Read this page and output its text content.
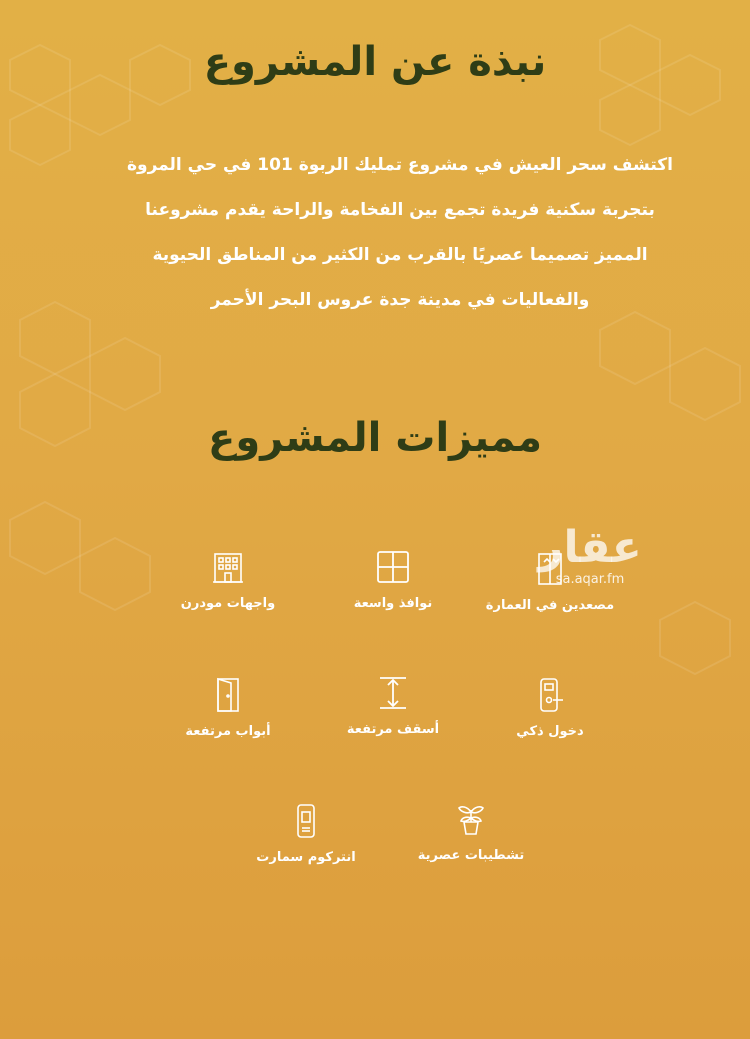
نبذة عن المشروع

اكتشف سحر العيش في مشروع تمليك الربوة 101 في حي المروة
بتجربة سكنية فريدة تجمع بين الفخامة والراحة يقدم مشروعنا
المميز تصميما عصريًا بالقرب من الكثير من المناطق الحيوية
والفعاليات في مدينة جدة عروس البحر الأحمر

مميزات المشروع
مصعدين في العمارة
نوافذ واسعة
واجهات مودرن
دخول ذكي
أسقف مرتفعة
أبواب مرتفعة
تشطيبات عصرية
انتركوم سمارت
عقار
sa.aqar.fm
